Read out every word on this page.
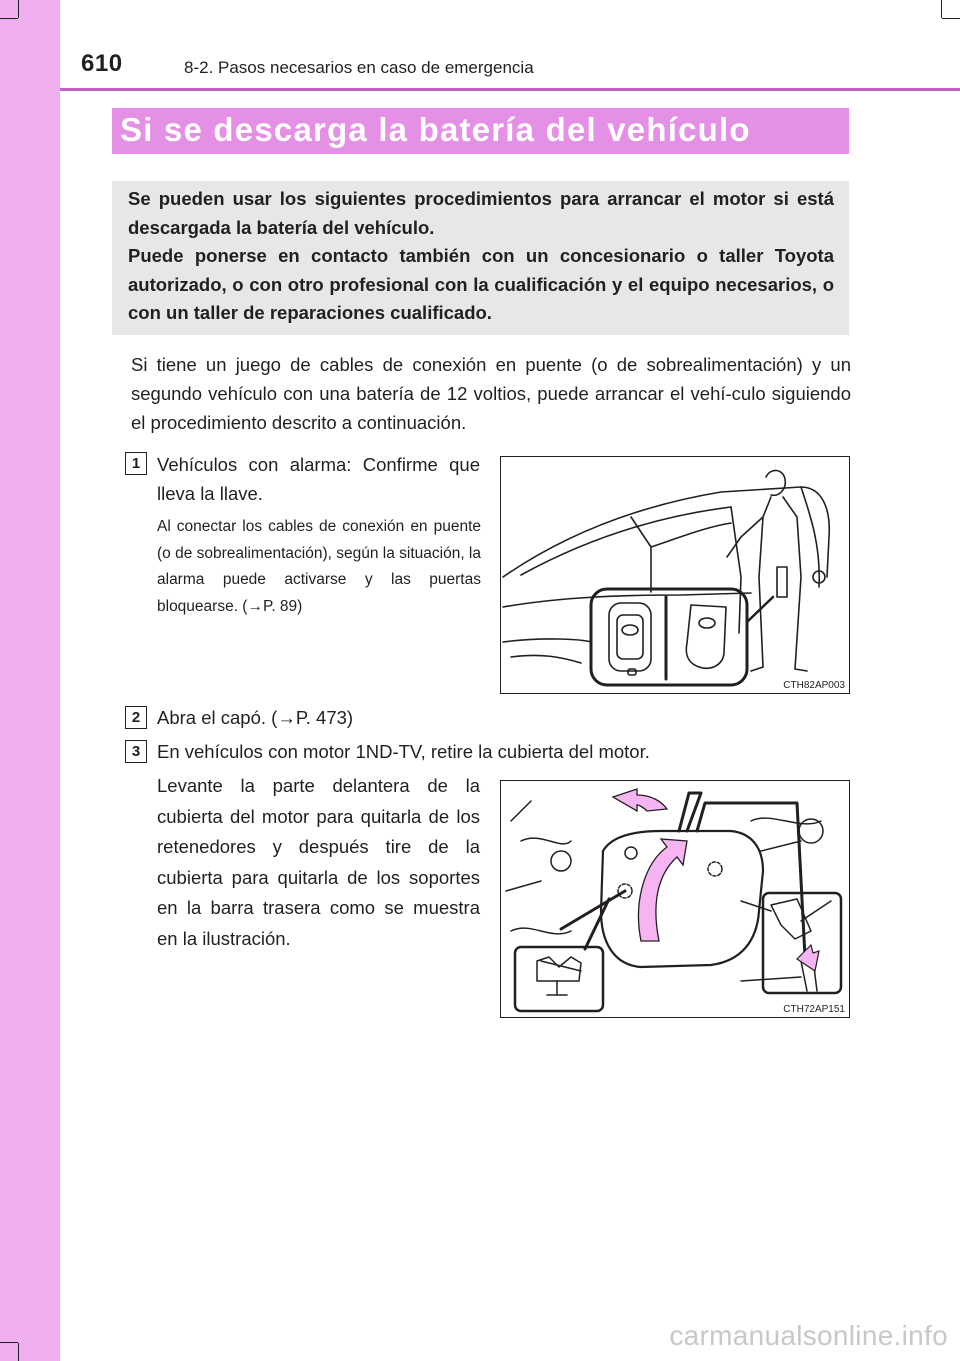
610	8-2. Pasos necesarios en caso de emergencia
Si se descarga la batería del vehículo

Se pueden usar los siguientes procedimientos para arrancar el motor si está descargada la batería del vehículo.
Puede ponerse en contacto también con un concesionario o taller Toyota autorizado, o con otro profesional con la cualificación y el equipo necesarios, o con un taller de reparaciones cualificado.

Si tiene un juego de cables de conexión en puente (o de sobrealimentación) y un segundo vehículo con una batería de 12 voltios, puede arrancar el vehí-culo siguiendo el procedimiento descrito a continuación.

1 Vehículos con alarma: Confirme que lleva la llave.

Al conectar los cables de conexión en puente (o de sobrealimentación), según la situación, la alarma puede activarse y las puertas bloquearse. (→P. 89)

CTH82AP003
2 Abra el capó. (→P. 473)

3 En vehículos con motor 1ND-TV, retire la cubierta del motor.

Levante la parte delantera de la cubierta del motor para quitarla de los retenedores y después tire de la cubierta para quitarla de los soportes en la barra trasera como se muestra en la ilustración.

CTH72AP151
carmanualsonline.info
